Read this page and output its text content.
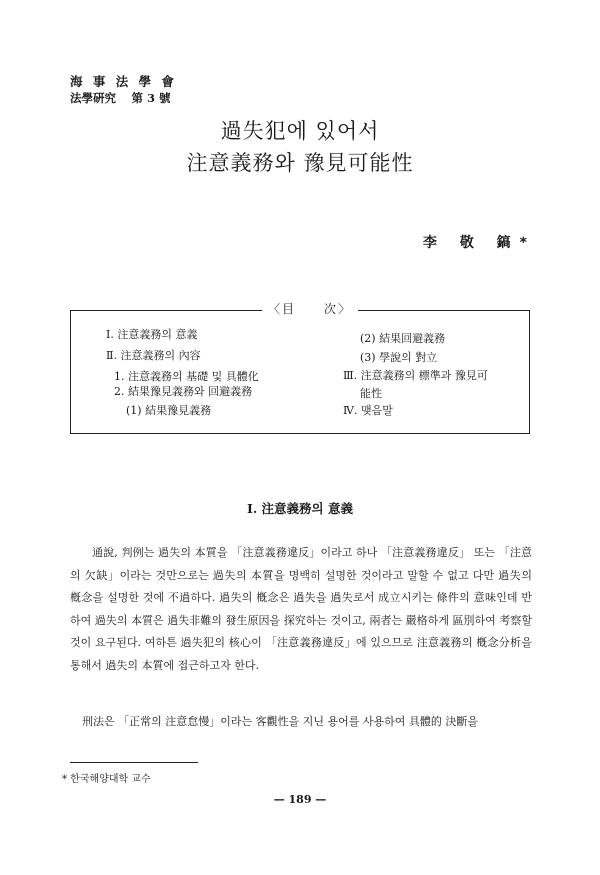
海 事 法 學 會
法學硏究　 第 3 號
過失犯에 있어서
注意義務와 豫見可能性
李 敬 鎬*
〈目　　次〉
Ⅰ. 注意義務의 意義
Ⅱ. 注意義務의 內容
1. 注意義務의 基礎 및 具體化
2. 結果豫見義務와 回避義務
(1) 結果豫見義務
(2) 結果回避義務
(3) 學說의 對立
Ⅲ. 注意義務의 標準과 豫見可
能性
Ⅳ. 맺음말
Ⅰ. 注意義務의 意義
通說, 判例는 過失의 本質을 「注意義務違反」이라고 하나 「注意義務違反」 또는 「注意의 欠缺」이라는 것만으로는 過失의 本質을 명백히 설명한 것이라고 말할 수 없고 다만 過失의 槪念을 설명한 것에 不過하다. 過失의 槪念은 過失을 過失로서 成立시키는 條件의 意味인데 반하여 過失의 本質은 過失非難의 發生原因을 探究하는 것이고, 兩者는 嚴格하게 區別하여 考察할 것이 요구된다. 여하튼 過失犯의 核心이 「注意義務違反」에 있으므로 注意義務의 槪念分析을 통해서 過失의 本質에 접근하고자 한다.
刑法은 「正常의 注意怠慢」이라는 客觀性을 지닌 용어를 사용하여 具體的 決斷을
* 한국해양대학 교수
— 189 —
